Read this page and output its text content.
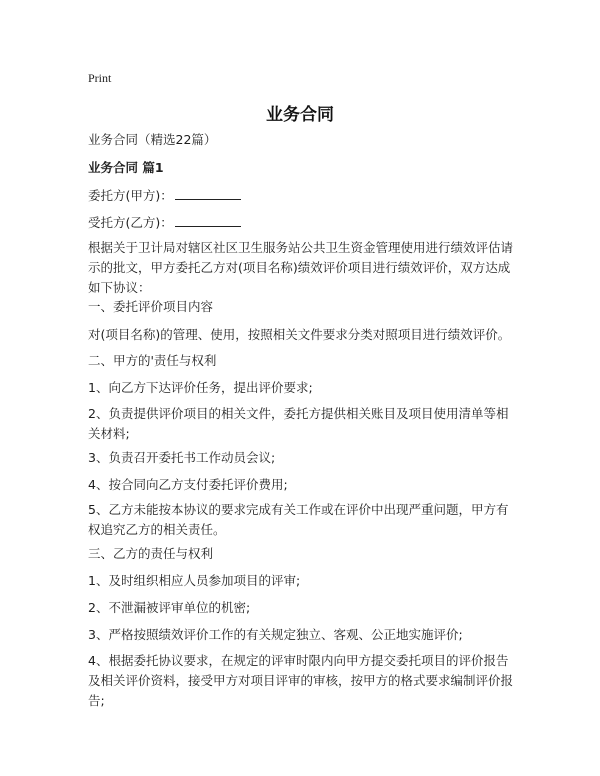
Print
业务合同
业务合同（精选22篇）
业务合同 篇1
委托方(甲方)：
受托方(乙方)：
根据关于卫计局对辖区社区卫生服务站公共卫生资金管理使用进行绩效评估请示的批文，甲方委托乙方对(项目名称)绩效评价项目进行绩效评价，双方达成如下协议：
一、委托评价项目内容
对(项目名称)的管理、使用，按照相关文件要求分类对照项目进行绩效评价。
二、甲方的'责任与权利
1、向乙方下达评价任务，提出评价要求;
2、负责提供评价项目的相关文件，委托方提供相关账目及项目使用清单等相关材料;
3、负责召开委托书工作动员会议;
4、按合同向乙方支付委托评价费用;
5、乙方未能按本协议的要求完成有关工作或在评价中出现严重问题，甲方有权追究乙方的相关责任。
三、乙方的责任与权利
1、及时组织相应人员参加项目的评审;
2、不泄漏被评审单位的机密;
3、严格按照绩效评价工作的有关规定独立、客观、公正地实施评价;
4、根据委托协议要求，在规定的评审时限内向甲方提交委托项目的评价报告及相关评价资料，接受甲方对项目评审的审核，按甲方的格式要求编制评价报告;
